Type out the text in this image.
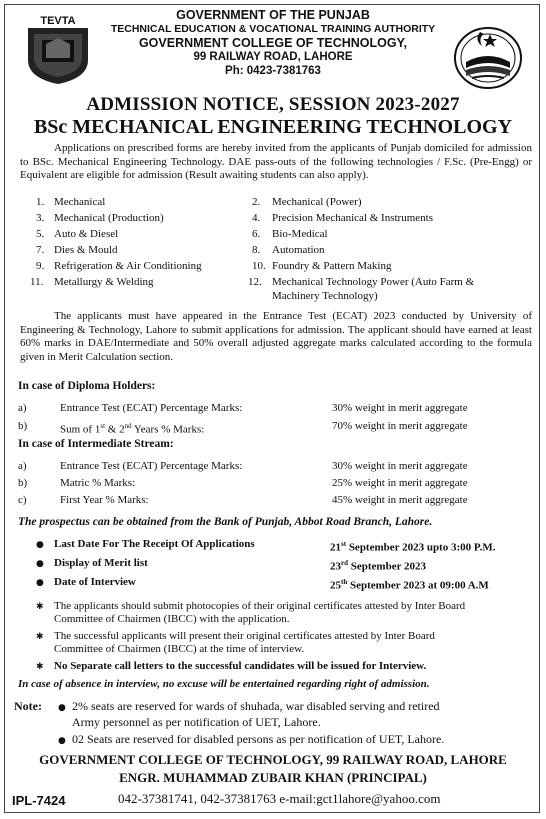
TEVTA	GOVERNMENT OF THE PUNJAB
TECHNICAL EDUCATION & VOCATIONAL TRAINING AUTHORITY
GOVERNMENT COLLEGE OF TECHNOLOGY,
99 RAILWAY ROAD, LAHORE
Ph: 0423-7381763
ADMISSION NOTICE, SESSION 2023-2027
BSc MECHANICAL ENGINEERING TECHNOLOGY
Applications on prescribed forms are hereby invited from the applicants of Punjab domiciled for admission to BSc. Mechanical Engineering Technology. DAE pass-outs of the following technologies / F.Sc. (Pre-Engg) or Equivalent are eligible for admission (Result awaiting students can also apply).
1. Mechanical	2. Mechanical (Power)
3. Mechanical (Production)	4. Precision Mechanical & Instruments
5. Auto & Diesel	6. Bio-Medical
7. Dies & Mould	8. Automation
9. Refrigeration & Air Conditioning	10. Foundry & Pattern Making
11. Metallurgy & Welding	12. Mechanical Technology Power (Auto Farm &
Machinery Technology)
The applicants must have appeared in the Entrance Test (ECAT) 2023 conducted by University of Engineering & Technology, Lahore to submit applications for admission. The applicant should have earned at least 60% marks in DAE/Intermediate and 50% overall adjusted aggregate marks calculated according to the formula given in Merit Calculation section.
In case of Diploma Holders:
a)	Entrance Test (ECAT) Percentage Marks:	30% weight in merit aggregate
b)	Sum of 1st & 2nd Years % Marks:	70% weight in merit aggregate
In case of Intermediate Stream:
a)	Entrance Test (ECAT) Percentage Marks:	30% weight in merit aggregate
b)	Matric % Marks:	25% weight in merit aggregate
c)	First Year % Marks:	45% weight in merit aggregate
The prospectus can be obtained from the Bank of Punjab, Abbot Road Branch, Lahore.
● Last Date For The Receipt Of Applications	21st September 2023 upto 3:00 P.M.
● Display of Merit list	23rd September 2023
● Date of Interview	25th September 2023 at 09:00 A.M
✱ The applicants should submit photocopies of their original certificates attested by Inter Board
Committee of Chairmen (IBCC) with the application.
✱ The successful applicants will present their original certificates attested by Inter Board
Committee of Chairmen (IBCC) at the time of interview.
✱ No Separate call letters to the successful candidates will be issued for Interview.
In case of absence in interview, no excuse will be entertained regarding right of admission.
Note: ● 2% seats are reserved for wards of shuhada, war disabled serving and retired
Army personnel as per notification of UET, Lahore.
● 02 Seats are reserved for disabled persons as per notification of UET, Lahore.
GOVERNMENT COLLEGE OF TECHNOLOGY, 99 RAILWAY ROAD, LAHORE
ENGR. MUHAMMAD ZUBAIR KHAN (PRINCIPAL)
IPL-7424	042-37381741, 042-37381763 e-mail:gct1lahore@yahoo.com
